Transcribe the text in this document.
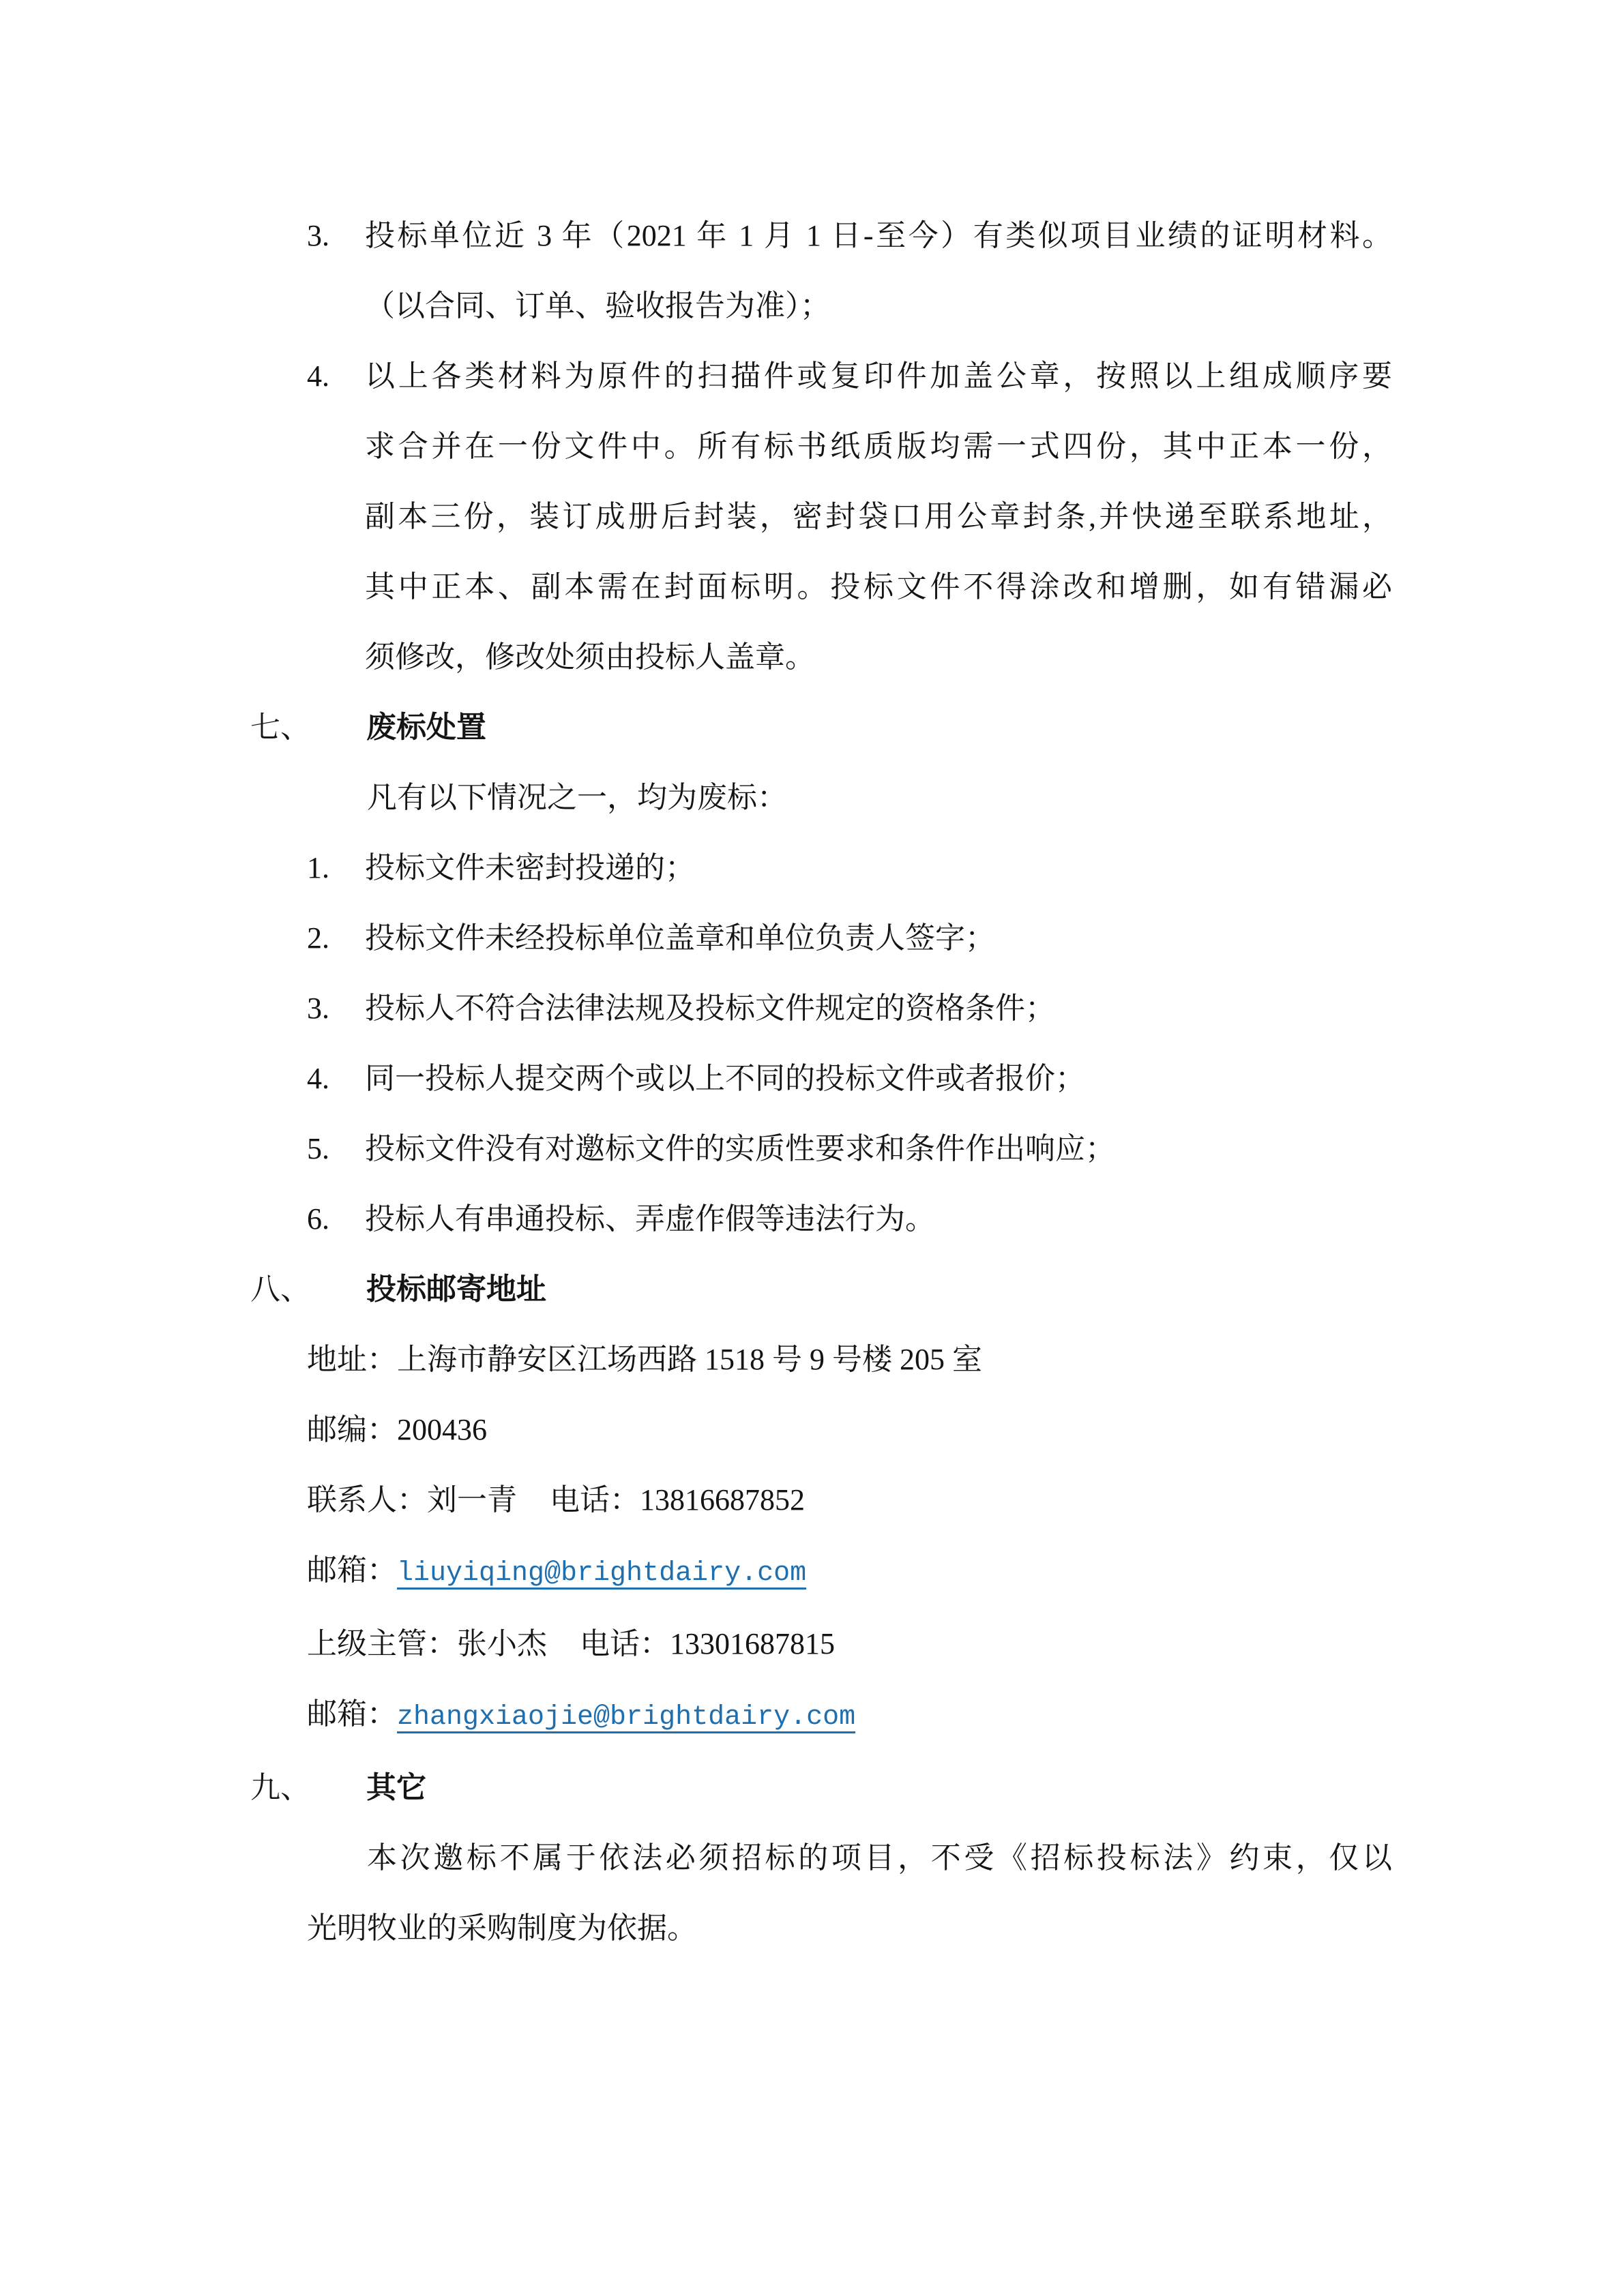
3.	投标单位近 3 年（2021 年 1 月 1 日-至今）有类似项目业绩的证明材料。
（以合同、订单、验收报告为准）；
4.	以上各类材料为原件的扫描件或复印件加盖公章，按照以上组成顺序要
求合并在一份文件中。所有标书纸质版均需一式四份，其中正本一份，
副本三份，装订成册后封装，密封袋口用公章封条,并快递至联系地址，
其中正本、副本需在封面标明。投标文件不得涂改和增删，如有错漏必
须修改，修改处须由投标人盖章。
七、	废标处置
凡有以下情况之一，均为废标：
1.	投标文件未密封投递的；
2.	投标文件未经投标单位盖章和单位负责人签字；
3.	投标人不符合法律法规及投标文件规定的资格条件；
4.	同一投标人提交两个或以上不同的投标文件或者报价；
5.	投标文件没有对邀标文件的实质性要求和条件作出响应；
6.	投标人有串通投标、弄虚作假等违法行为。
八、	投标邮寄地址
地址：上海市静安区江场西路 1518 号 9 号楼 205 室
邮编：200436
联系人：刘一青 电话：13816687852
邮箱：liuyiqing@brightdairy.com
上级主管：张小杰 电话：13301687815
邮箱：zhangxiaojie@brightdairy.com
九、	其它
本次邀标不属于依法必须招标的项目，不受《招标投标法》约束，仅以
光明牧业的采购制度为依据。
